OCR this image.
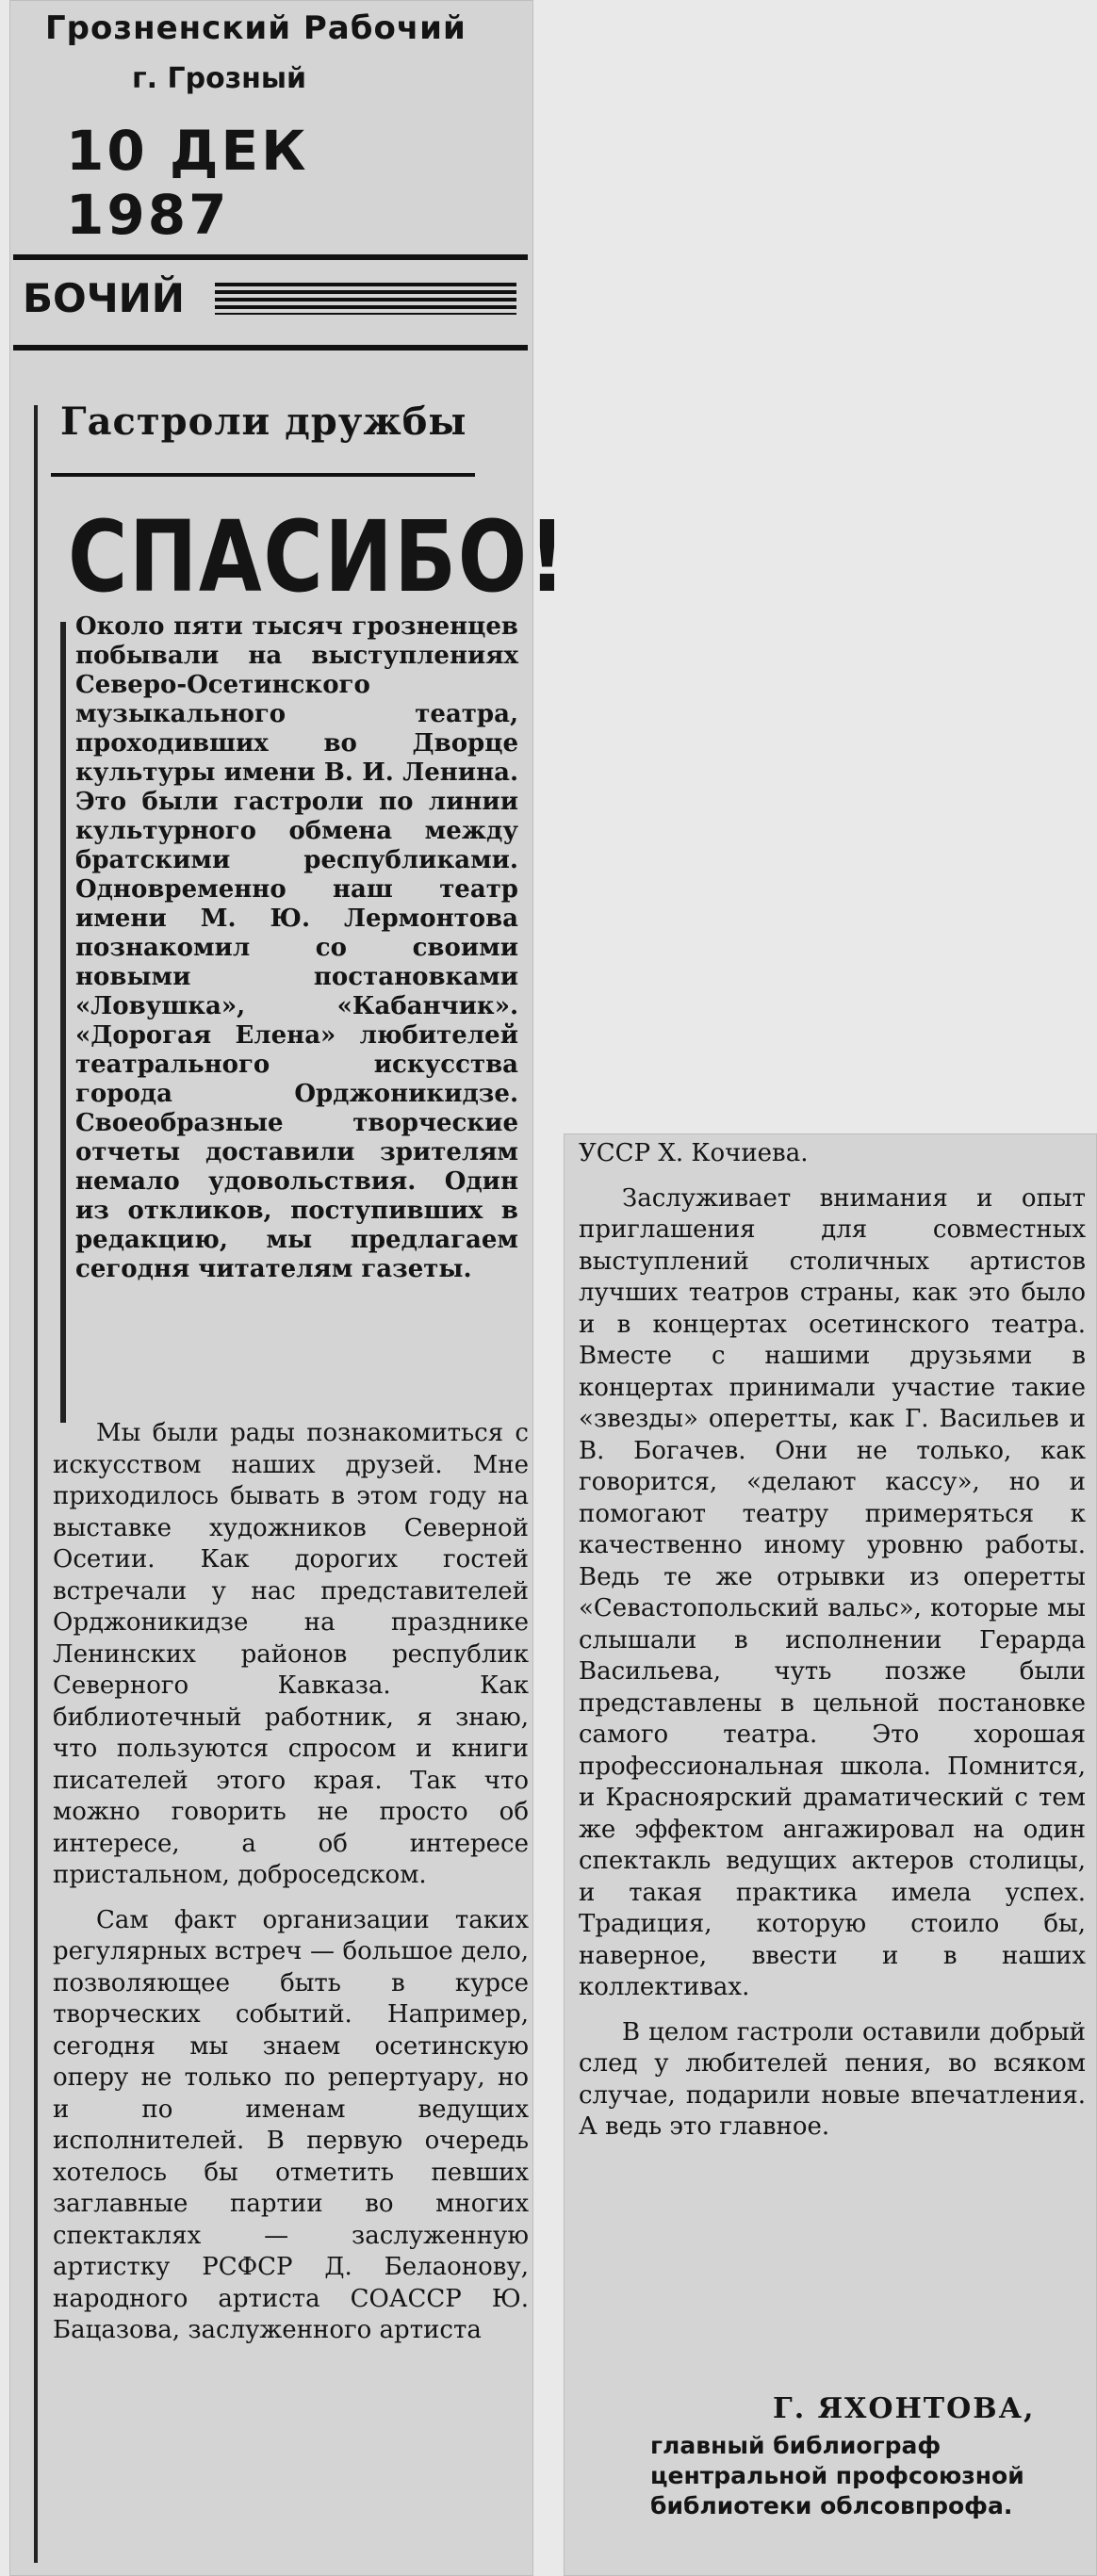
Грозненский Рабочий
г. Грозный
10 ДЕК 1987
БОЧИЙ
Гастроли дружбы
СПАСИБО!

Около пяти тысяч грозненцев побывали на выступлениях Северо-Осетинского музыкального театра, проходивших во Дворце культуры имени В. И. Ленина. Это были гастроли по линии культурного обмена между братскими республиками. Одновременно наш театр имени М. Ю. Лермонтова познакомил со своими новыми постановками «Ловушка», «Кабанчик». «Дорогая Елена» любителей театрального искусства города Орджоникидзе. Своеобразные творческие отчеты доставили зрителям немало удовольствия. Один из откликов, поступивших в редакцию, мы предлагаем сегодня читателям газеты.

Мы были рады познакомиться с искусством наших друзей. Мне приходилось бывать в этом году на выставке художников Северной Осетии. Как дорогих гостей встречали у нас представителей Орджоникидзе на празднике Ленинских районов республик Северного Кавказа. Как библиотечный работник, я знаю, что пользуются спросом и книги писателей этого края. Так что можно говорить не просто об интересе, а об интересе пристальном, доброседском.

Сам факт организации таких регулярных встреч — большое дело, позволяющее быть в курсе творческих событий. Например, сегодня мы знаем осетинскую оперу не только по репертуару, но и по именам ведущих исполнителей. В первую очередь хотелось бы отметить певших заглавные партии во многих спектаклях — заслуженную артистку РСФСР Д. Белаонову, народного артиста СОАССР Ю. Бацазова, заслуженного артиста

УССР Х. Кочиева.

Заслуживает внимания и опыт приглашения для совместных выступлений столичных артистов лучших театров страны, как это было и в концертах осетинского театра. Вместе с нашими друзьями в концертах принимали участие такие «звезды» оперетты, как Г. Васильев и В. Богачев. Они не только, как говорится, «делают кассу», но и помогают театру примеряться к качественно иному уровню работы. Ведь те же отрывки из оперетты «Севастопольский вальс», которые мы слышали в исполнении Герарда Васильева, чуть позже были представлены в цельной постановке самого театра. Это хорошая профессиональная школа. Помнится, и Красноярский драматический с тем же эффектом ангажировал на один спектакль ведущих актеров столицы, и такая практика имела успех. Традиция, которую стоило бы, наверное, ввести и в наших коллективах.

В целом гастроли оставили добрый след у любителей пения, во всяком случае, подарили новые впечатления. А ведь это главное.

Г. ЯХОНТОВА,
главный библиограф центральной профсоюзной библиотеки облсовпрофа.
